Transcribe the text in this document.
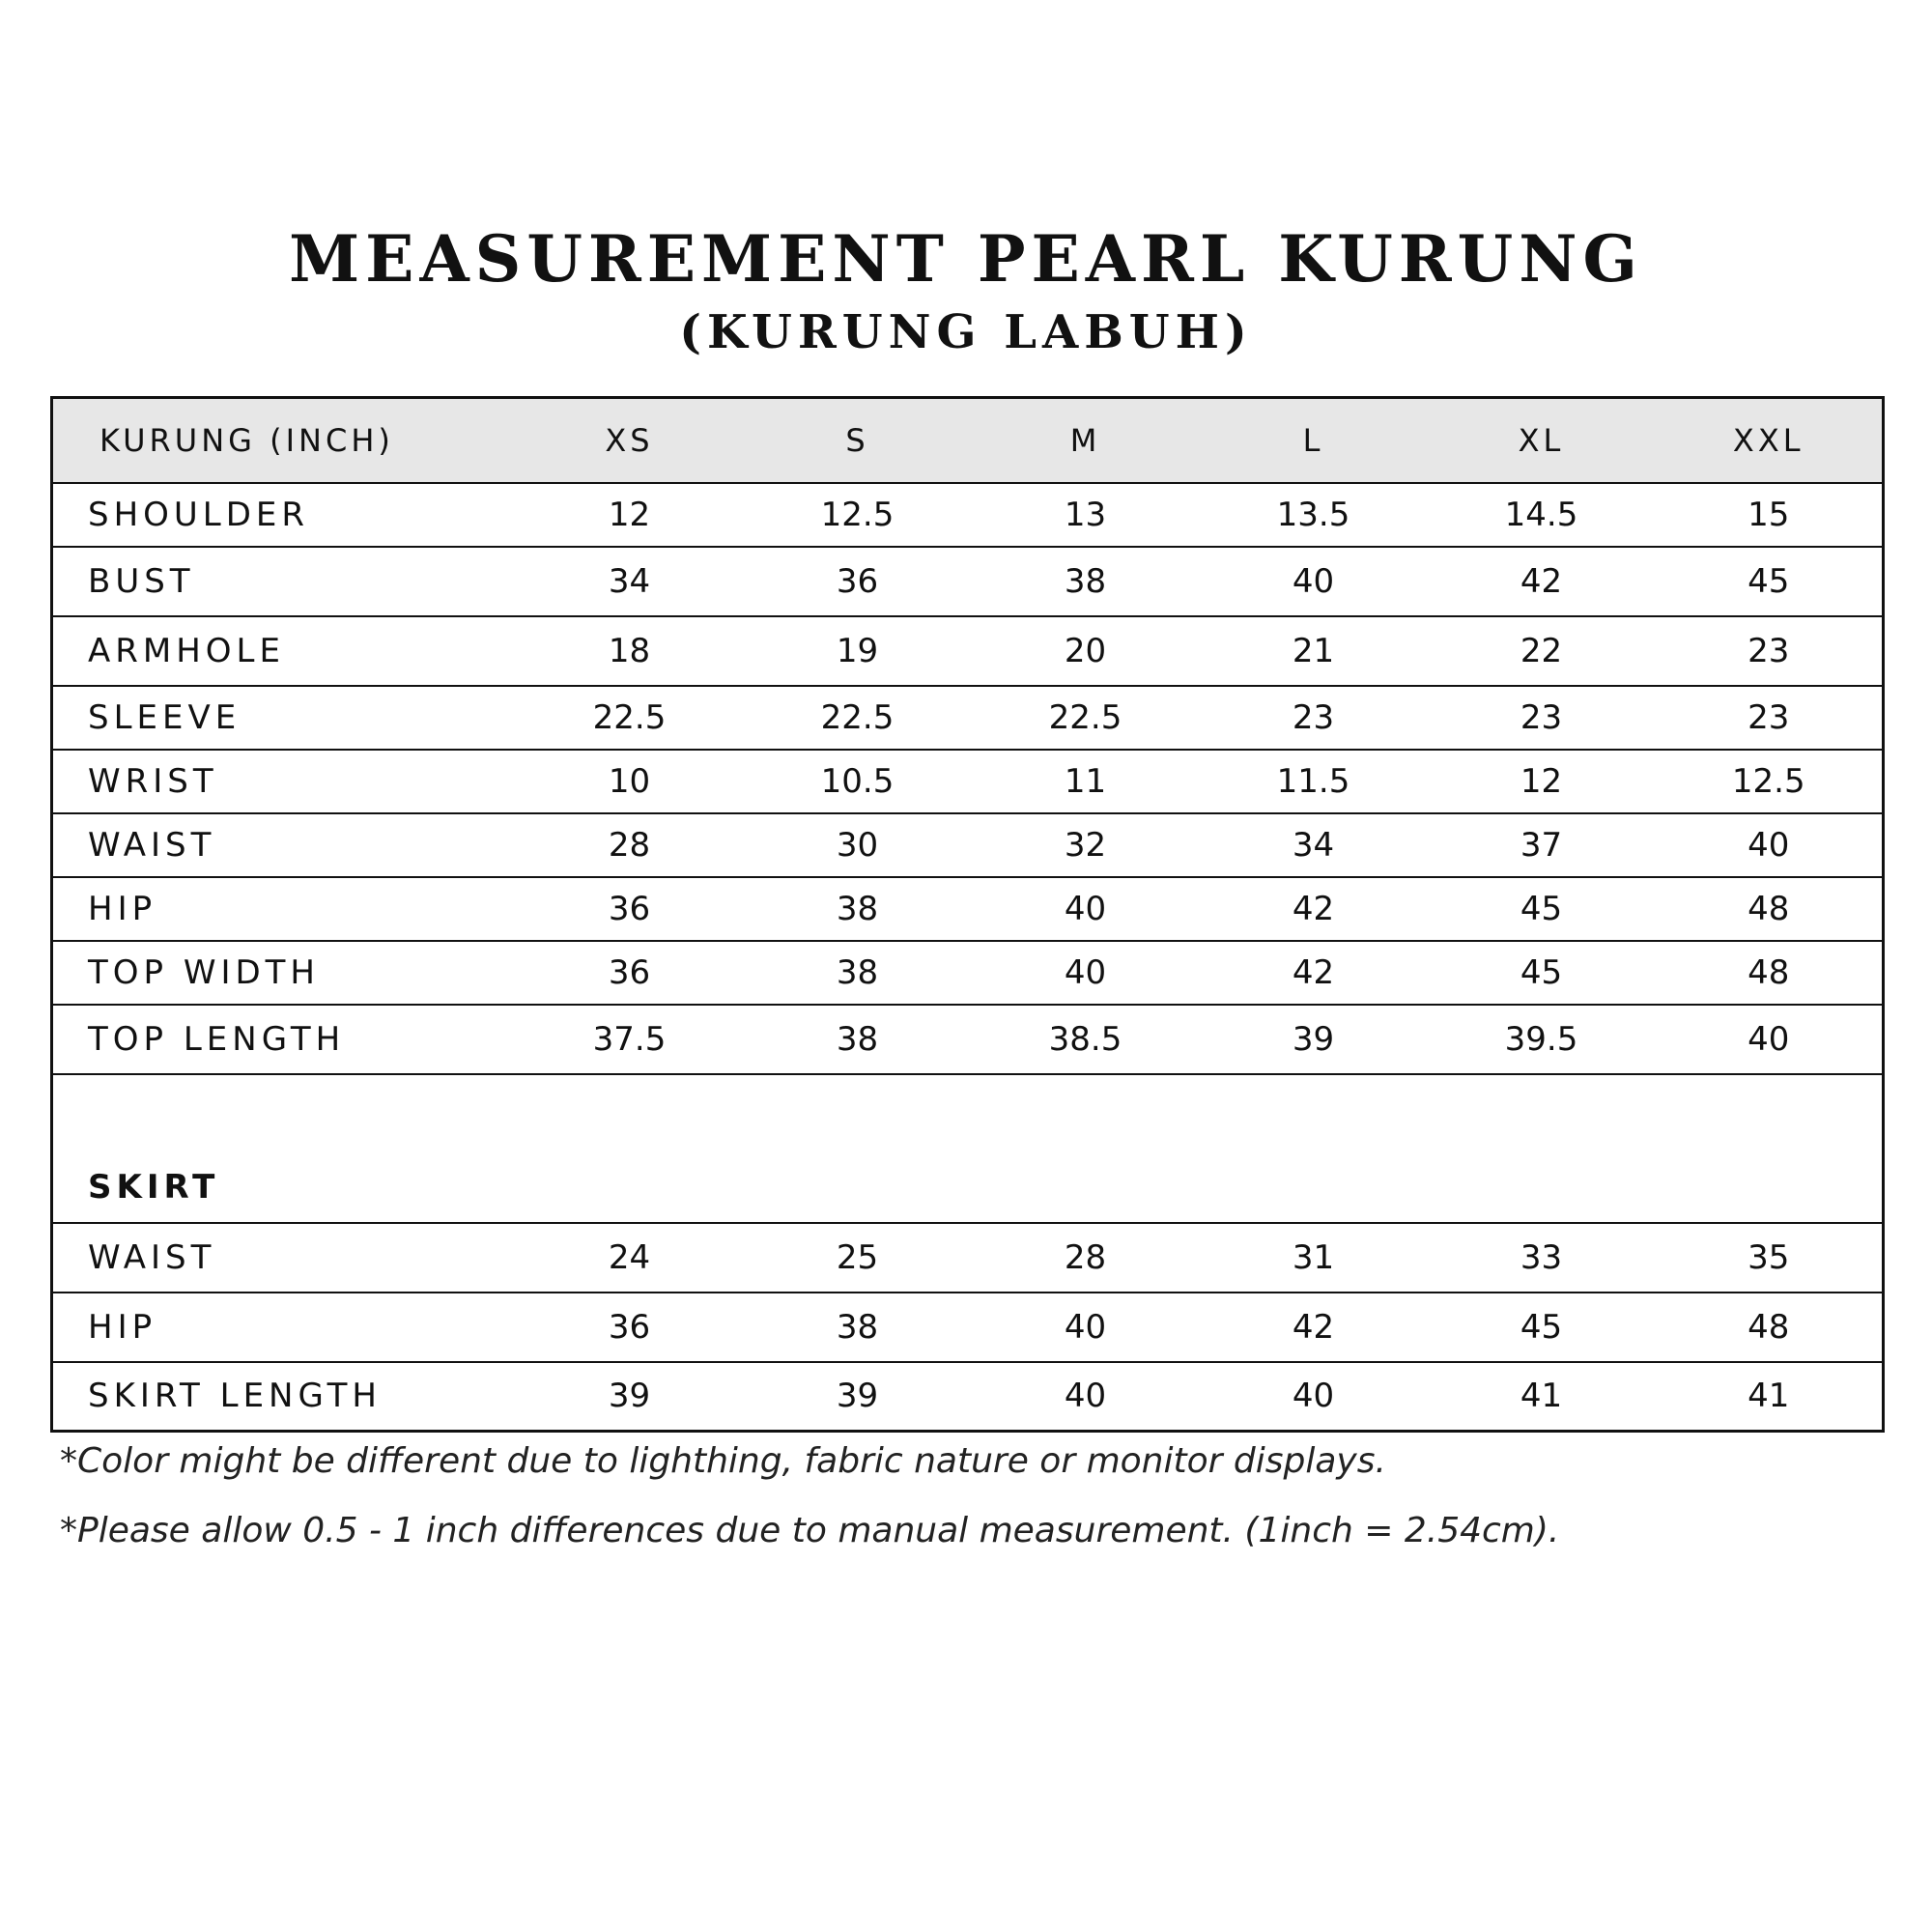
MEASUREMENT PEARL KURUNG
(KURUNG LABUH)
KURUNG (INCH)	XS	S	M	L	XL	XXL
SHOULDER	12	12.5	13	13.5	14.5	15
BUST	34	36	38	40	42	45
ARMHOLE	18	19	20	21	22	23
SLEEVE	22.5	22.5	22.5	23	23	23
WRIST	10	10.5	11	11.5	12	12.5
WAIST	28	30	32	34	37	40
HIP	36	38	40	42	45	48
TOP WIDTH	36	38	40	42	45	48
TOP LENGTH	37.5	38	38.5	39	39.5	40
SKIRT						
WAIST	24	25	28	31	33	35
HIP	36	38	40	42	45	48
SKIRT LENGTH	39	39	40	40	41	41

*Color might be different due to lighthing, fabric nature or monitor displays.

*Please allow 0.5 - 1 inch differences due to manual measurement. (1inch = 2.54cm).
